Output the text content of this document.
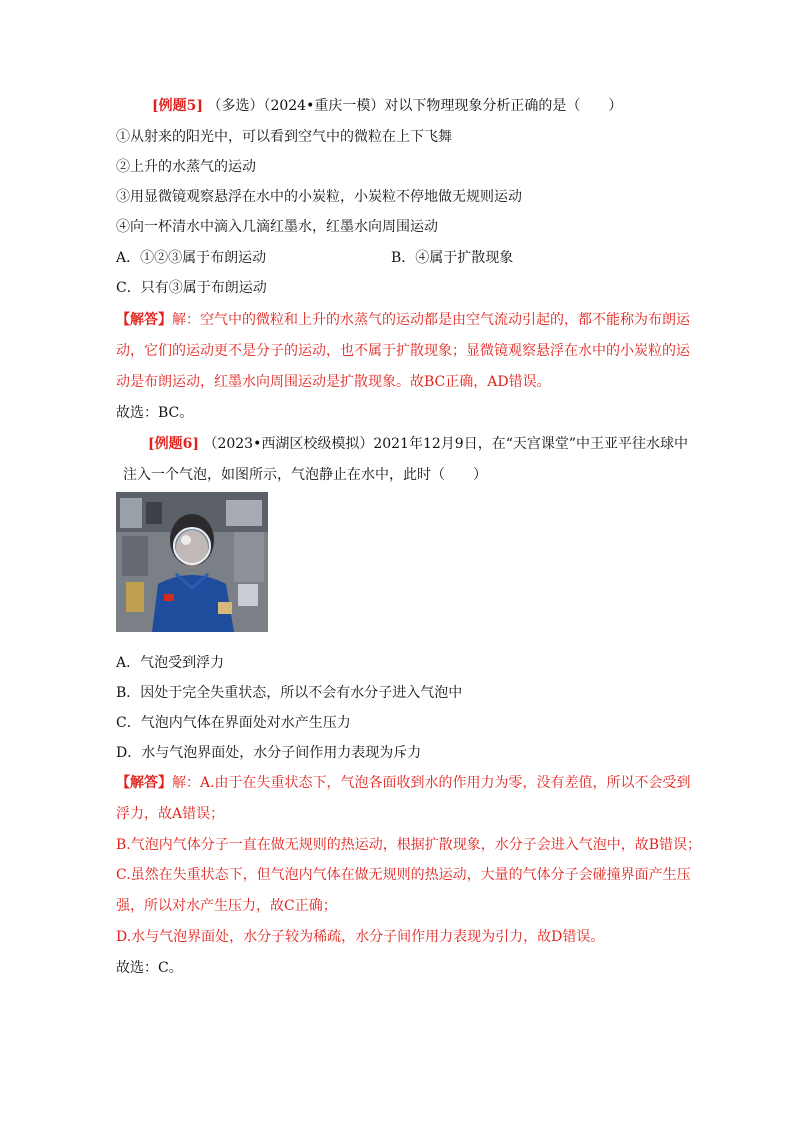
[例题5] （多选）（2024•重庆一模）对以下物理现象分析正确的是（　　）
①从射来的阳光中，可以看到空气中的微粒在上下飞舞
②上升的水蒸气的运动
③用显微镜观察悬浮在水中的小炭粒，小炭粒不停地做无规则运动
④向一杯清水中滴入几滴红墨水，红墨水向周围运动
A．①②③属于布朗运动	B．④属于扩散现象
C．只有③属于布朗运动
【解答】解：空气中的微粒和上升的水蒸气的运动都是由空气流动引起的，都不能称为布朗运
动，它们的运动更不是分子的运动，也不属于扩散现象；显微镜观察悬浮在水中的小炭粒的运
动是布朗运动，红墨水向周围运动是扩散现象。故BC正确，AD错误。
故选：BC。
[例题6] （2023•西湖区校级模拟）2021年12月9日，在“天宫课堂”中王亚平往水球中
注入一个气泡，如图所示，气泡静止在水中，此时（　　）
A．气泡受到浮力
B．因处于完全失重状态，所以不会有水分子进入气泡中
C．气泡内气体在界面处对水产生压力
D．水与气泡界面处，水分子间作用力表现为斥力
【解答】解：A.由于在失重状态下，气泡各面收到水的作用力为零，没有差值，所以不会受到
浮力，故A错误；
B.气泡内气体分子一直在做无规则的热运动，根据扩散现象，水分子会进入气泡中，故B错误；
C.虽然在失重状态下，但气泡内气体在做无规则的热运动，大量的气体分子会碰撞界面产生压
强，所以对水产生压力，故C正确；
D.水与气泡界面处，水分子较为稀疏，水分子间作用力表现为引力，故D错误。
故选：C。
